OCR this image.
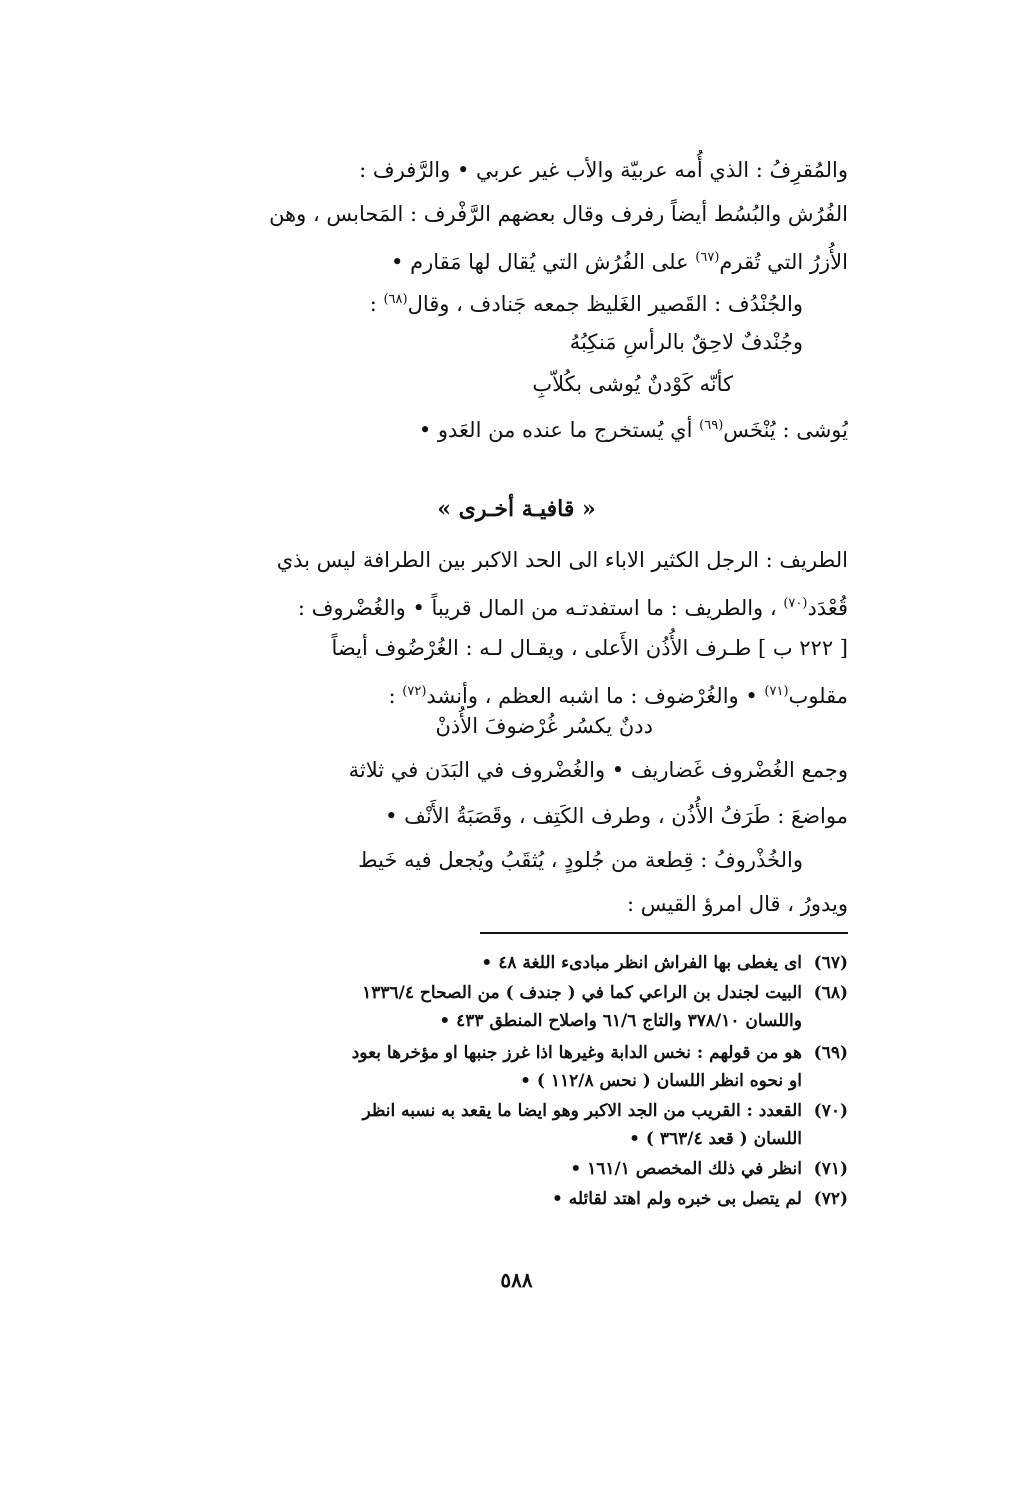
والمُقرِفُ : الذي أُمه عربيّة والأب غير عربي • والرَّفرف :
الفُرُش والبُسُط أيضاً رفرف وقال بعضهم الرَّفْرف : المَحابس ، وهن
الأُزرُ التي تُقرم$^{(٦٧)}$ على الفُرُش التي يُقال لها مَقارم •
والجُنْدُف : القَصير الغَليظ جمعه جَنادف ، وقال$^{(٦٨)}$ :
وجُنْدفٌ لاحِقٌ بالرأسِ مَنكِبُهُ
كأنّه كَوْدنٌ يُوشى بكُلاّبِ
يُوشى : يُنْخَس$^{(٦٩)}$ أي يُستخرج ما عنده من العَدو •
« قافيـة أخـرى »
الطريف : الرجل الكثير الاباء الى الحد الاكبر بين الطرافة ليس بذي
قُعْدَد$^{(٧٠)}$ ، والطريف : ما استفدتـه من المال قريباً • والغُضْروف :
[ ٢٢٢ ب ] طـرف الأُذُن الأَعلى ، ويقـال لـه : الغُرْضُوف أيضاً
مقلوب$^{(٧١)}$ • والغُرْضوف : ما اشبه العظم ، وأنشد$^{(٧٢)}$ :
ددنٌ يكسُر غُرْضوفَ الأُذنْ
وجمع الغُضْروف غَضاريف • والغُضْروف في البَدَن في ثلاثة
مواضعَ : طَرَفُ الأُذُن ، وطرف الكَتِف ، وقَصَبَةُ الأَنْف •
والخُذْروفُ : قِطعة من جُلودٍ ، يُثقَبُ ويُجعل فيه خَيط
ويدورُ ، قال امرؤ القيس :
(٦٧)اى يغطى بها الفراش انظر مبادىء اللغة ٤٨ •
(٦٨)البيت لجندل بن الراعي كما في ( جندف ) من الصحاح ١٣٣٦/٤
واللسان ٣٧٨/١٠ والتاج ٦١/٦ واصلاح المنطق ٤٣٣ •
(٦٩)هو من قولهم : نخس الدابة وغيرها اذا غرز جنبها او مؤخرها بعود
او نحوه انظر اللسان ( نحس ١١٢/٨ ) •
(٧٠)القعدد : القريب من الجد الاكبر وهو ايضا ما يقعد به نسبه انظر
اللسان ( قعد ٣٦٣/٤ ) •
(٧١)انظر في ذلك المخصص ١٦١/١ •
(٧٢)لم يتصل بى خبره ولم اهتد لقائله •
٥٨٨
